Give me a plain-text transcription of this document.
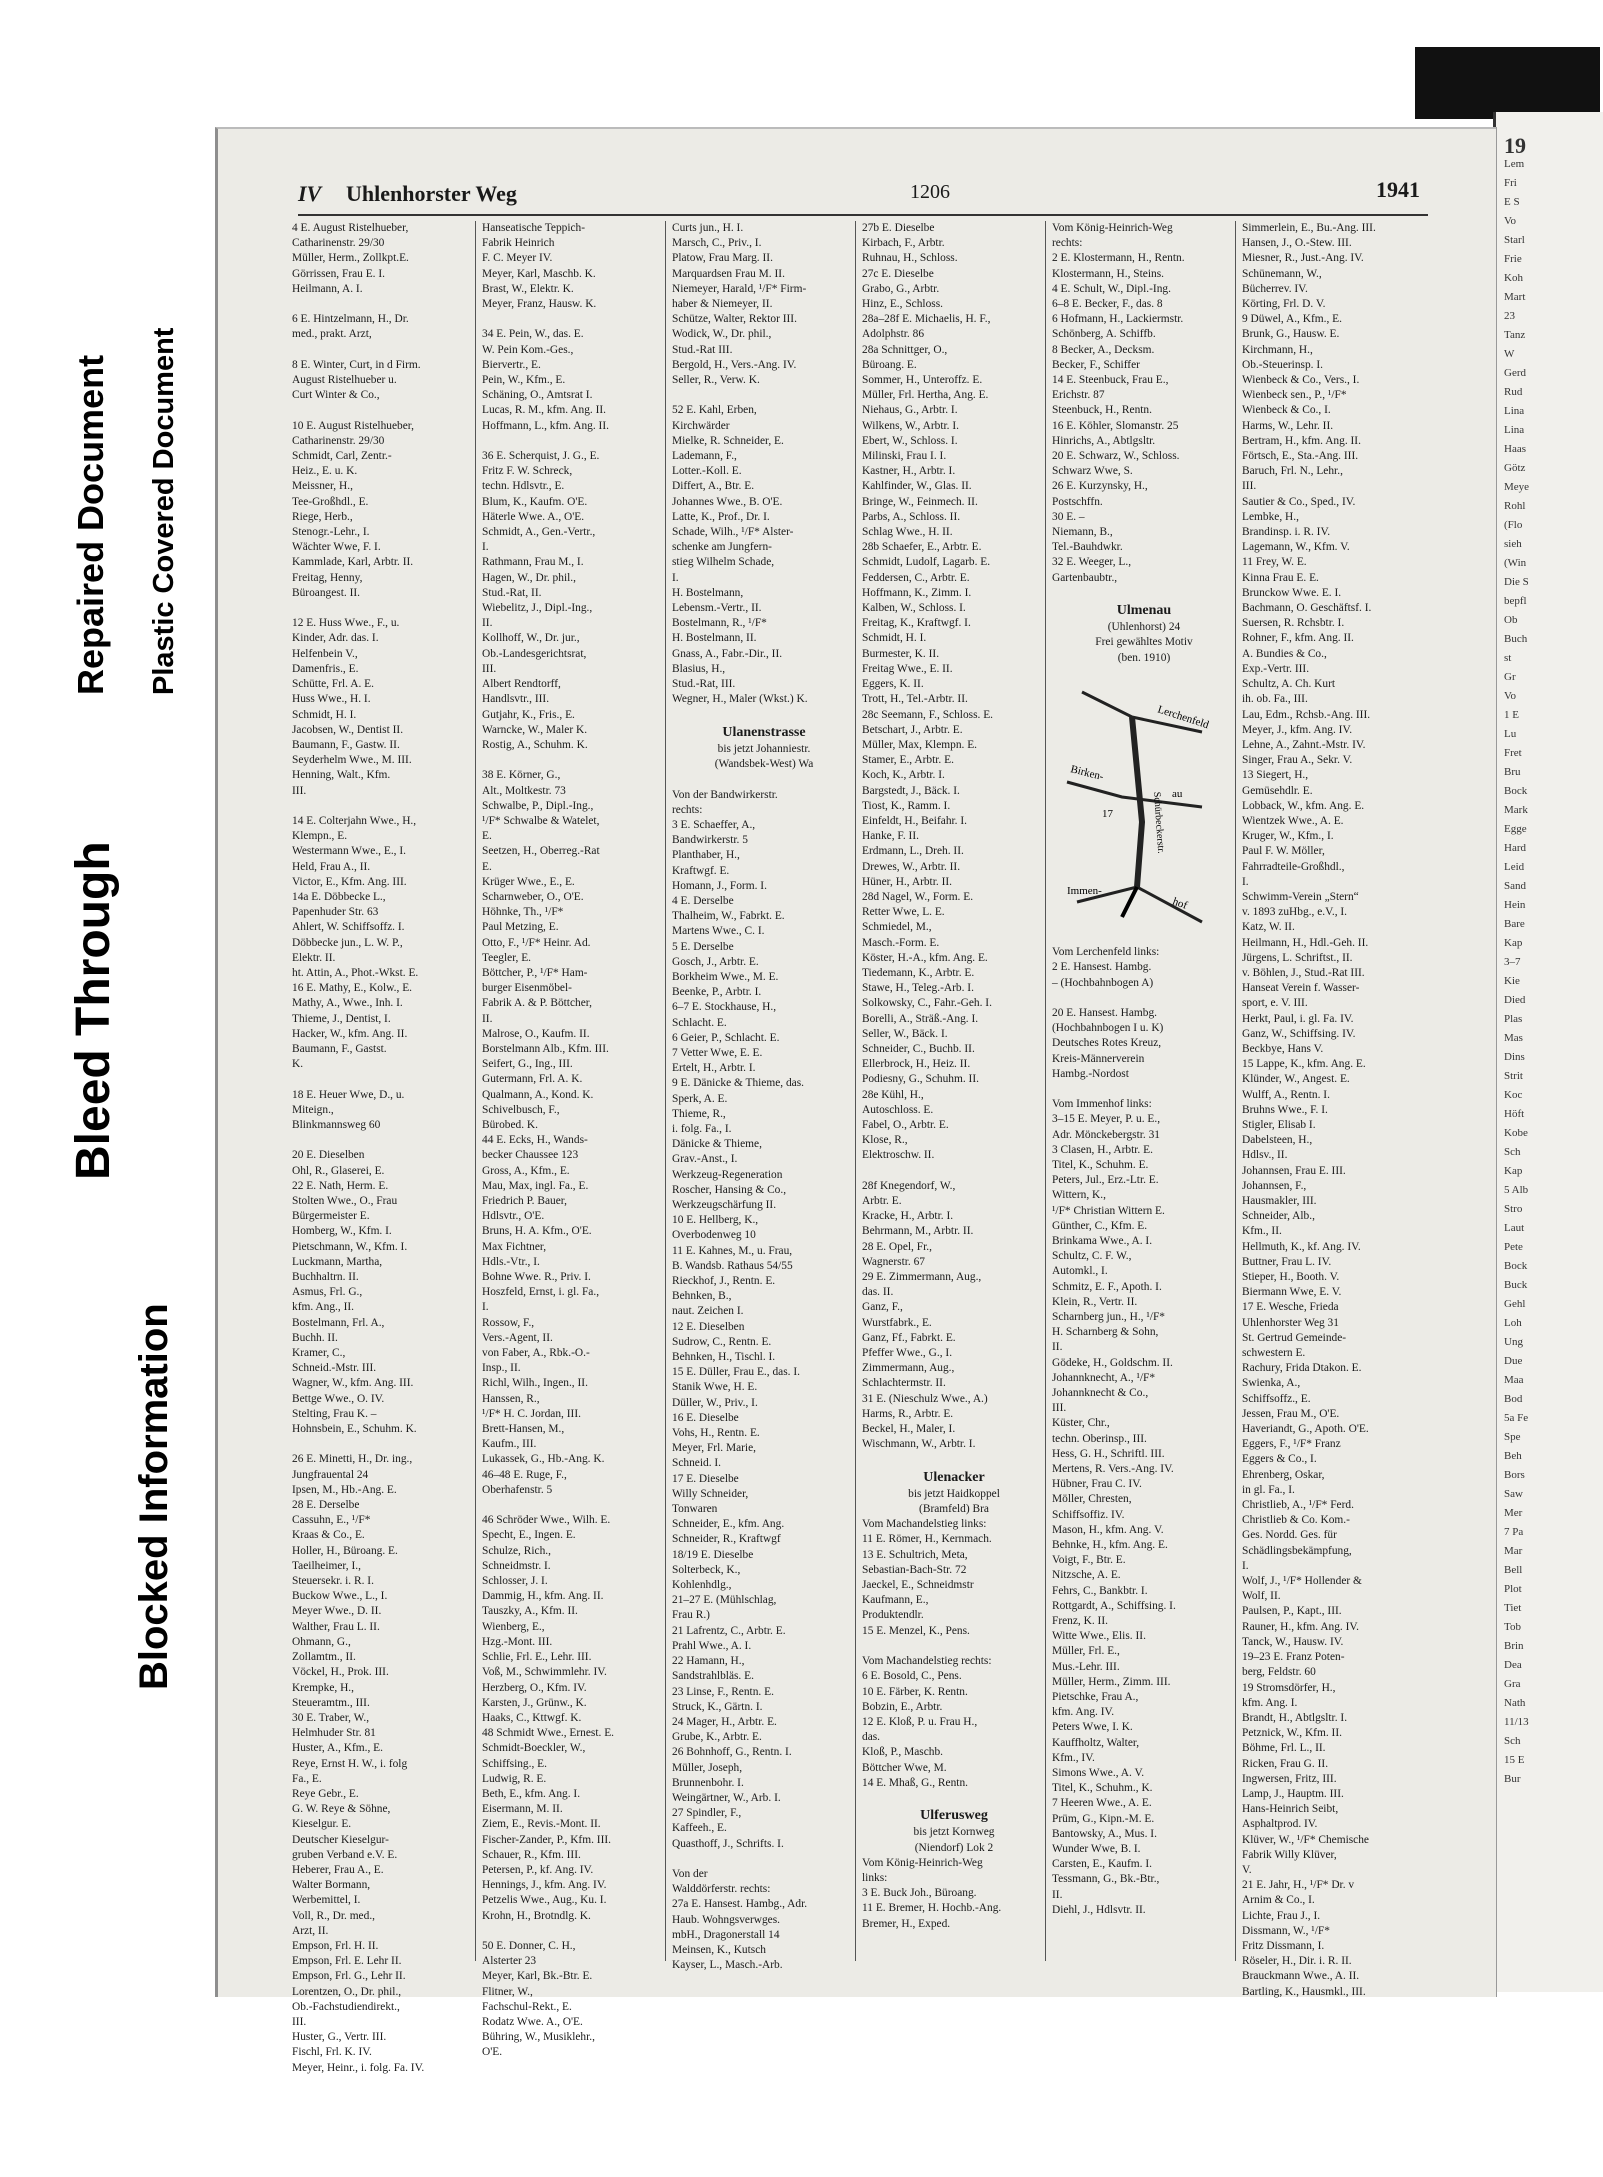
Bleed Through
Repaired Document Plastic Covered Document
Blocked Information
19
Lem
Fri
E S
Vo
Starl
Frie
Koh
Mart
23
Tanz
W
Gerd
Rud
Lina
Lina
Haas
Götz
Meye
Rohl
(Flo
sieh
(Win
Die S
bepfl
Ob
Buch
st
Gr
Vo
1 E
Lu
Fret
Bru
Bock
Mark
Egge
Hard
Leid
Sand
Hein
Bare
Kap
3–7
Kie
Died
Plas
Mas
Dins
Strit
Koc
Höft
Kobe
Sch
Kap
5 Alb
Stro
Laut
Pete
Bock
Buck
Gehl
Loh
Ung
Due
Maa
Bod
5a Fe
Spe
Beh
Bors
Saw
Mer
7 Pa
Mar
Bell
Plot
Tiet
Tob
Brin
Dea
Gra
Nath
11/13
Sch
15 E
Bur
IV Uhlenhorster Weg	1206	1941

4 E. August Ristelhueber,

Catharinenstr. 29/30

Müller, Herm., Zollkpt.E.

Görrissen, Frau E. I.

Heilmann, A. I.

6 E. Hintzelmann, H., Dr.

med., prakt. Arzt,

8 E. Winter, Curt, in d Firm.

August Ristelhueber u.

Curt Winter & Co.,

10 E. August Ristelhueber,

Catharinenstr. 29/30

Schmidt, Carl, Zentr.-

Heiz., E. u. K.

Meissner, H.,

Tee-Großhdl., E.

Riege, Herb.,

Stenogr.-Lehr., I.

Wächter Wwe, F. I.

Kammlade, Karl, Arbtr. II.

Freitag, Henny,

Büroangest. II.

12 E. Huss Wwe., F., u.

Kinder, Adr. das. I.

Helfenbein V.,

Damenfris., E.

Schütte, Frl. A. E.

Huss Wwe., H. I.

Schmidt, H. I.

Jacobsen, W., Dentist II.

Baumann, F., Gastw. II.

Seyderhelm Wwe., M. III.

Henning, Walt., Kfm.

III.

14 E. Colterjahn Wwe., H.,

Klempn., E.

Westermann Wwe., E., I.

Held, Frau A., II.

Victor, E., Kfm. Ang. III.

14a E. Döbbecke L.,

Papenhuder Str. 63

Ahlert, W. Schiffsoffz. I.

Döbbecke jun., L. W. P.,

Elektr. II.

ht. Attin, A., Phot.-Wkst. E.

16 E. Mathy, E., Kolw., E.

Mathy, A., Wwe., Inh. I.

Thieme, J., Dentist, I.

Hacker, W., kfm. Ang. II.

Baumann, F., Gastst.

K.

18 E. Heuer Wwe, D., u.

Miteign.,

Blinkmannsweg 60

20 E. Dieselben

Ohl, R., Glaserei, E.

22 E. Nath, Herm. E.

Stolten Wwe., O., Frau

Bürgermeister E.

Homberg, W., Kfm. I.

Pietschmann, W., Kfm. I.

Luckmann, Martha,

Buchhaltrn. II.

Asmus, Frl. G.,

kfm. Ang., II.

Bostelmann, Frl. A.,

Buchh. II.

Kramer, C.,

Schneid.-Mstr. III.

Wagner, W., kfm. Ang. III.

Bettge Wwe., O. IV.

Stelting, Frau K. –

Hohnsbein, E., Schuhm. K.

26 E. Minetti, H., Dr. ing.,

Jungfrauental 24

Ipsen, M., Hb.-Ang. E.

28 E. Derselbe

Cassuhn, E., ¹/F*

Kraas & Co., E.

Holler, H., Büroang. E.

Taeilheimer, I.,

Steuersekr. i. R. I.

Buckow Wwe., L., I.

Meyer Wwe., D. II.

Walther, Frau L. II.

Ohmann, G.,

Zollamtm., II.

Vöckel, H., Prok. III.

Krempke, H.,

Steueramtm., III.

30 E. Traber, W.,

Helmhuder Str. 81

Huster, A., Kfm., E.

Reye, Ernst H. W., i. folg

Fa., E.

Reye Gebr., E.

G. W. Reye & Söhne,

Kieselgur. E.

Deutscher Kieselgur-

gruben Verband e.V. E.

Heberer, Frau A., E.

Walter Bormann,

Werbemittel, I.

Voll, R., Dr. med.,

Arzt, II.

Empson, Frl. H. II.

Empson, Frl. E. Lehr II.

Empson, Frl. G., Lehr II.

Lorentzen, O., Dr. phil.,

Ob.-Fachstudiendirekt.,

III.

Huster, G., Vertr. III.

Fischl, Frl. K. IV.

Meyer, Heinr., i. folg. Fa. IV.

Hanseatische Teppich-

Fabrik Heinrich

F. C. Meyer IV.

Meyer, Karl, Maschb. K.

Brast, W., Elektr. K.

Meyer, Franz, Hausw. K.

34 E. Pein, W., das. E.

W. Pein Kom.-Ges.,

Biervertr., E.

Pein, W., Kfm., E.

Schäning, O., Amtsrat I.

Lucas, R. M., kfm. Ang. II.

Hoffmann, L., kfm. Ang. II.

36 E. Scherquist, J. G., E.

Fritz F. W. Schreck,

techn. Hdlsvtr., E.

Blum, K., Kaufm. O'E.

Häterle Wwe. A., O'E.

Schmidt, A., Gen.-Vertr.,

I.

Rathmann, Frau M., I.

Hagen, W., Dr. phil.,

Stud.-Rat, II.

Wiebelitz, J., Dipl.-Ing.,

II.

Kollhoff, W., Dr. jur.,

Ob.-Landesgerichtsrat,

III.

Albert Rendtorff,

Handlsvtr., III.

Gutjahr, K., Fris., E.

Warncke, W., Maler K.

Rostig, A., Schuhm. K.

38 E. Körner, G.,

Alt., Moltkestr. 73

Schwalbe, P., Dipl.-Ing.,

¹/F* Schwalbe & Watelet,

E.

Seetzen, H., Oberreg.-Rat

E.

Krüger Wwe., E., E.

Scharnweber, O., O'E.

Höhnke, Th., ¹/F*

Paul Metzing, E.

Otto, F., ¹/F* Heinr. Ad.

Teegler, E.

Böttcher, P., ¹/F* Ham-

burger Eisenmöbel-

Fabrik A. & P. Böttcher,

II.

Malrose, O., Kaufm. II.

Borstelmann Alb., Kfm. III.

Seifert, G., Ing., III.

Gutermann, Frl. A. K.

Qualmann, A., Kond. K.

Schivelbusch, F.,

Bürobed. K.

44 E. Ecks, H., Wands-

becker Chaussee 123

Gross, A., Kfm., E.

Mau, Max, ingl. Fa., E.

Friedrich P. Bauer,

Hdlsvtr., O'E.

Bruns, H. A. Kfm., O'E.

Max Fichtner,

Hdls.-Vtr., I.

Bohne Wwe. R., Priv. I.

Hoszfeld, Ernst, i. gl. Fa.,

I.

Rossow, F.,

Vers.-Agent, II.

von Faber, A., Rbk.-O.-

Insp., II.

Richl, Wilh., Ingen., II.

Hanssen, R.,

¹/F* H. C. Jordan, III.

Brett-Hansen, M.,

Kaufm., III.

Lukassek, G., Hb.-Ang. K.

46–48 E. Ruge, F.,

Oberhafenstr. 5

46 Schröder Wwe., Wilh. E.

Specht, E., Ingen. E.

Schulze, Rich.,

Schneidmstr. I.

Schlosser, J. I.

Dammig, H., kfm. Ang. II.

Tauszky, A., Kfm. II.

Wienberg, E.,

Hzg.-Mont. III.

Schlie, Frl. E., Lehr. III.

Voß, M., Schwimmlehr. IV.

Herzberg, O., Kfm. IV.

Karsten, J., Grünw., K.

Haaks, C., Kttwgf. K.

48 Schmidt Wwe., Ernest. E.

Schmidt-Boeckler, W.,

Schiffsing., E.

Ludwig, R. E.

Beth, E., kfm. Ang. I.

Eisermann, M. II.

Ziem, E., Revis.-Mont. II.

Fischer-Zander, P., Kfm. III.

Schauer, R., Kfm. III.

Petersen, P., kf. Ang. IV.

Hennings, J., kfm. Ang. IV.

Petzelis Wwe., Aug., Ku. I.

Krohn, H., Brotndlg. K.

50 E. Donner, C. H.,

Alsterter 23

Meyer, Karl, Bk.-Btr. E.

Flitner, W.,

Fachschul-Rekt., E.

Rodatz Wwe. A., O'E.

Bühring, W., Musiklehr.,

O'E.

Curts jun., H. I.

Marsch, C., Priv., I.

Platow, Frau Marg. II.

Marquardsen Frau M. II.

Niemeyer, Harald, ¹/F* Firm-

haber & Niemeyer, II.

Schütze, Walter, Rektor III.

Wodick, W., Dr. phil.,

Stud.-Rat III.

Bergold, H., Vers.-Ang. IV.

Seller, R., Verw. K.

52 E. Kahl, Erben,

Kirchwärder

Mielke, R. Schneider, E.

Lademann, F.,

Lotter.-Koll. E.

Differt, A., Btr. E.

Johannes Wwe., B. O'E.

Latte, K., Prof., Dr. I.

Schade, Wilh., ¹/F* Alster-

schenke am Jungfern-

stieg Wilhelm Schade,

I.

H. Bostelmann,

Lebensm.-Vertr., II.

Bostelmann, R., ¹/F*

H. Bostelmann, II.

Gnass, A., Fabr.-Dir., II.

Blasius, H.,

Stud.-Rat, III.

Wegner, H., Maler (Wkst.) K.

Ulanenstrasse

bis jetzt Johanniestr.

(Wandsbek-West) Wa

Von der Bandwirkerstr.

rechts:

3 E. Schaeffer, A.,

Bandwirkerstr. 5

Planthaber, H.,

Kraftwgf. E.

Homann, J., Form. I.

4 E. Derselbe

Thalheim, W., Fabrkt. E.

Martens Wwe., C. I.

5 E. Derselbe

Gosch, J., Arbtr. E.

Borkheim Wwe., M. E.

Beenke, P., Arbtr. I.

6–7 E. Stockhause, H.,

Schlacht. E.

6 Geier, P., Schlacht. E.

7 Vetter Wwe, E. E.

Ertelt, H., Arbtr. I.

9 E. Dänicke & Thieme, das.

Sperk, A. E.

Thieme, R.,

i. folg. Fa., I.

Dänicke & Thieme,

Grav.-Anst., I.

Werkzeug-Regeneration

Roscher, Hansing & Co.,

Werkzeugschärfung II.

10 E. Hellberg, K.,

Overbodenweg 10

11 E. Kahnes, M., u. Frau,

B. Wandsb. Rathaus 54/55

Rieckhof, J., Rentn. E.

Behnken, B.,

naut. Zeichen I.

12 E. Dieselben

Sudrow, C., Rentn. E.

Behnken, H., Tischl. I.

15 E. Düller, Frau E., das. I.

Stanik Wwe, H. E.

Düller, W., Priv., I.

16 E. Dieselbe

Vohs, H., Rentn. E.

Meyer, Frl. Marie,

Schneid. I.

17 E. Dieselbe

Willy Schneider,

Tonwaren

Schneider, E., kfm. Ang.

Schneider, R., Kraftwgf

18/19 E. Dieselbe

Solterbeck, K.,

Kohlenhdlg.,

21–27 E. (Mühlschlag,

Frau R.)

21 Lafrentz, C., Arbtr. E.

Prahl Wwe., A. I.

22 Hamann, H.,

Sandstrahlbläs. E.

23 Linse, F., Rentn. E.

Struck, K., Gärtn. I.

24 Mager, H., Arbtr. E.

Grube, K., Arbtr. E.

26 Bohnhoff, G., Rentn. I.

Müller, Joseph,

Brunnenbohr. I.

Weingärtner, W., Arb. I.

27 Spindler, F.,

Kaffeeh., E.

Quasthoff, J., Schrifts. I.

Von der

Walddörferstr. rechts:

27a E. Hansest. Hambg., Adr.

Haub. Wohngsverwges.

mbH., Dragonerstall 14

Meinsen, K., Kutsch

Kayser, L., Masch.-Arb.

27b E. Dieselbe

Kirbach, F., Arbtr.

Ruhnau, H., Schloss.

27c E. Dieselbe

Grabo, G., Arbtr.

Hinz, E., Schloss.

28a–28f E. Michaelis, H. F.,

Adolphstr. 86

28a Schnittger, O.,

Büroang. E.

Sommer, H., Unteroffz. E.

Müller, Frl. Hertha, Ang. E.

Niehaus, G., Arbtr. I.

Wilkens, W., Arbtr. I.

Ebert, W., Schloss. I.

Milinski, Frau I. I.

Kastner, H., Arbtr. I.

Kahlfinder, W., Glas. II.

Bringe, W., Feinmech. II.

Parbs, A., Schloss. II.

Schlag Wwe., H. II.

28b Schaefer, E., Arbtr. E.

Schmidt, Ludolf, Lagarb. E.

Feddersen, C., Arbtr. E.

Hoffmann, K., Zimm. I.

Kalben, W., Schloss. I.

Freitag, K., Kraftwgf. I.

Schmidt, H. I.

Burmester, K. II.

Freitag Wwe., E. II.

Eggers, K. II.

Trott, H., Tel.-Arbtr. II.

28c Seemann, F., Schloss. E.

Betschart, J., Arbtr. E.

Müller, Max, Klempn. E.

Stamer, E., Arbtr. E.

Koch, K., Arbtr. I.

Bargstedt, J., Bäck. I.

Tiost, K., Ramm. I.

Einfeldt, H., Beifahr. I.

Hanke, F. II.

Erdmann, L., Dreh. II.

Drewes, W., Arbtr. II.

Hüner, H., Arbtr. II.

28d Nagel, W., Form. E.

Retter Wwe, L. E.

Schmiedel, M.,

Masch.-Form. E.

Köster, H.-A., kfm. Ang. E.

Tiedemann, K., Arbtr. E.

Stawe, H., Teleg.-Arb. I.

Solkowsky, C., Fahr.-Geh. I.

Borelli, A., Sträß.-Ang. I.

Seller, W., Bäck. I.

Schneider, C., Buchb. II.

Ellerbrock, H., Heiz. II.

Podiesny, G., Schuhm. II.

28e Kühl, H.,

Autoschloss. E.

Fabel, O., Arbtr. E.

Klose, R.,

Elektroschw. II.

28f Knegendorf, W.,

Arbtr. E.

Kracke, H., Arbtr. I.

Behrmann, M., Arbtr. II.

28 E. Opel, Fr.,

Wagnerstr. 67

29 E. Zimmermann, Aug.,

das. II.

Ganz, F.,

Wurstfabrk., E.

Ganz, Ff., Fabrkt. E.

Pfeffer Wwe., G., I.

Zimmermann, Aug.,

Schlachtermstr. II.

31 E. (Nieschulz Wwe., A.)

Harms, R., Arbtr. E.

Beckel, H., Maler, I.

Wischmann, W., Arbtr. I.

Ulenacker

bis jetzt Haidkoppel

(Bramfeld) Bra

Vom Machandelstieg links:

11 E. Römer, H., Kernmach.

13 E. Schultrich, Meta,

Sebastian-Bach-Str. 72

Jaeckel, E., Schneidmstr

Kaufmann, E.,

Produktendlr.

15 E. Menzel, K., Pens.

Vom Machandelstieg rechts:

6 E. Bosold, C., Pens.

10 E. Färber, K. Rentn.

Bobzin, E., Arbtr.

12 E. Kloß, P. u. Frau H.,

das.

Kloß, P., Maschb.

Böttcher Wwe, M.

14 E. Mhaß, G., Rentn.

Ulferusweg

bis jetzt Kornweg

(Niendorf) Lok 2

Vom König-Heinrich-Weg

links:

3 E. Buck Joh., Büroang.

11 E. Bremer, H. Hochb.-Ang.

Bremer, H., Exped.

Vom König-Heinrich-Weg

rechts:

2 E. Klostermann, H., Rentn.

Klostermann, H., Steins.

4 E. Schult, W., Dipl.-Ing.

6–8 E. Becker, F., das. 8

6 Hofmann, H., Lackiermstr.

Schönberg, A. Schiffb.

8 Becker, A., Decksm.

Becker, F., Schiffer

14 E. Steenbuck, Frau E.,

Erichstr. 87

Steenbuck, H., Rentn.

16 E. Köhler, Slomanstr. 25

Hinrichs, A., Abtlgsltr.

20 E. Schwarz, W., Schloss.

Schwarz Wwe, S.

26 E. Kurzynsky, H.,

Postschffn.

30 E. –

Niemann, B.,

Tel.-Bauhdwkr.

32 E. Weeger, L.,

Gartenbaubtr.,

Ulmenau

(Uhlenhorst) 24

Frei gewähltes Motiv

(ben. 1910)

Lerchenfeld
Birken-
au
17	Schürbeckerstr.
Immen-
hof

Vom Lerchenfeld links:

2 E. Hansest. Hambg.

– (Hochbahnbogen A)

20 E. Hansest. Hambg.

(Hochbahnbogen I u. K)

Deutsches Rotes Kreuz,

Kreis-Männerverein

Hambg.-Nordost

Vom Immenhof links:

3–15 E. Meyer, P. u. E.,

Adr. Mönckebergstr. 31

3 Clasen, H., Arbtr. E.

Titel, K., Schuhm. E.

Peters, Jul., Erz.-Ltr. E.

Wittern, K.,

¹/F* Christian Wittern E.

Günther, C., Kfm. E.

Brinkama Wwe., A. I.

Schultz, C. F. W.,

Automkl., I.

Schmitz, E. F., Apoth. I.

Klein, R., Vertr. II.

Scharnberg jun., H., ¹/F*

H. Scharnberg & Sohn,

II.

Gödeke, H., Goldschm. II.

Johannknecht, A., ¹/F*

Johannknecht & Co.,

III.

Küster, Chr.,

techn. Oberinsp., III.

Hess, G. H., Schriftl. III.

Mertens, R. Vers.-Ang. IV.

Hübner, Frau C. IV.

Möller, Chresten,

Schiffsoffiz. IV.

Mason, H., kfm. Ang. V.

Behnke, H., kfm. Ang. E.

Voigt, F., Btr. E.

Nitzsche, A. E.

Fehrs, C., Bankbtr. I.

Rottgardt, A., Schiffsing. I.

Frenz, K. II.

Witte Wwe., Elis. II.

Müller, Frl. E.,

Mus.-Lehr. III.

Müller, Herm., Zimm. III.

Pietschke, Frau A.,

kfm. Ang. IV.

Peters Wwe, I. K.

Kauffholtz, Walter,

Kfm., IV.

Simons Wwe., A. V.

Titel, K., Schuhm., K.

7 Heeren Wwe., A. E.

Prüm, G., Kipn.-M. E.

Bantowsky, A., Mus. I.

Wunder Wwe, B. I.

Carsten, E., Kaufm. I.

Tessmann, G., Bk.-Btr.,

II.

Diehl, J., Hdlsvtr. II.

Simmerlein, E., Bu.-Ang. III.

Hansen, J., O.-Stew. III.

Miesner, R., Just.-Ang. IV.

Schünemann, W.,

Bücherrev. IV.

Körting, Frl. D. V.

9 Düwel, A., Kfm., E.

Brunk, G., Hausw. E.

Kirchmann, H.,

Ob.-Steuerinsp. I.

Wienbeck & Co., Vers., I.

Wienbeck sen., P., ¹/F*

Wienbeck & Co., I.

Harms, W., Lehr. II.

Bertram, H., kfm. Ang. II.

Förtsch, E., Sta.-Ang. III.

Baruch, Frl. N., Lehr.,

III.

Sautier & Co., Sped., IV.

Lembke, H.,

Brandinsp. i. R. IV.

Lagemann, W., Kfm. V.

11 Frey, W. E.

Kinna Frau E. E.

Brunckow Wwe. E. I.

Bachmann, O. Geschäftsf. I.

Suersen, R. Rchsbtr. I.

Rohner, F., kfm. Ang. II.

A. Bundies & Co.,

Exp.-Vertr. III.

Schultz, A. Ch. Kurt

ih. ob. Fa., III.

Lau, Edm., Rchsb.-Ang. III.

Meyer, J., kfm. Ang. IV.

Lehne, A., Zahnt.-Mstr. IV.

Singer, Frau A., Sekr. V.

13 Siegert, H.,

Gemüsehdlr. E.

Lobback, W., kfm. Ang. E.

Wientzek Wwe., A. E.

Kruger, W., Kfm., I.

Paul F. W. Möller,

Fahrradteile-Großhdl.,

I.

Schwimm-Verein „Stern“

v. 1893 zuHbg., e.V., I.

Katz, W. II.

Heilmann, H., Hdl.-Geh. II.

Jürgens, L. Schriftst., II.

v. Böhlen, J., Stud.-Rat III.

Hanseat Verein f. Wasser-

sport, e. V. III.

Herkt, Paul, i. gl. Fa. IV.

Ganz, W., Schiffsing. IV.

Beckbye, Hans V.

15 Lappe, K., kfm. Ang. E.

Klünder, W., Angest. E.

Wulff, A., Rentn. I.

Bruhns Wwe., F. I.

Stigler, Elisab I.

Dabelsteen, H.,

Hdlsv., II.

Johannsen, Frau E. III.

Johannsen, F.,

Hausmakler, III.

Schneider, Alb.,

Kfm., II.

Hellmuth, K., kf. Ang. IV.

Buttner, Frau L. IV.

Stieper, H., Booth. V.

Biermann Wwe, E. V.

17 E. Wesche, Frieda

Uhlenhorster Weg 31

St. Gertrud Gemeinde-

schwestern E.

Rachury, Frida Dtakon. E.

Swienka, A.,

Schiffsoffz., E.

Jessen, Frau M., O'E.

Haveriandt, G., Apoth. O'E.

Eggers, F., ¹/F* Franz

Eggers & Co., I.

Ehrenberg, Oskar,

in gl. Fa., I.

Christlieb, A., ¹/F* Ferd.

Christlieb & Co. Kom.-

Ges. Nordd. Ges. für

Schädlingsbekämpfung,

I.

Wolf, J., ¹/F* Hollender &

Wolf, II.

Paulsen, P., Kapt., III.

Rauner, H., kfm. Ang. IV.

Tanck, W., Hausw. IV.

19–23 E. Franz Poten-

berg, Feldstr. 60

19 Stromsdörfer, H.,

kfm. Ang. I.

Brandt, H., Abtlgsltr. I.

Petznick, W., Kfm. II.

Böhme, Frl. L., II.

Ricken, Frau G. II.

Ingwersen, Fritz, III.

Lamp, J., Hauptm. III.

Hans-Heinrich Seibt,

Asphaltprod. IV.

Klüver, W., ¹/F* Chemische

Fabrik Willy Klüver,

V.

21 E. Jahr, H., ¹/F* Dr. v

Arnim & Co., I.

Lichte, Frau J., I.

Dissmann, W., ¹/F*

Fritz Dissmann, I.

Röseler, H., Dir. i. R. II.

Brauckmann Wwe., A. II.

Bartling, K., Hausmkl., III.
